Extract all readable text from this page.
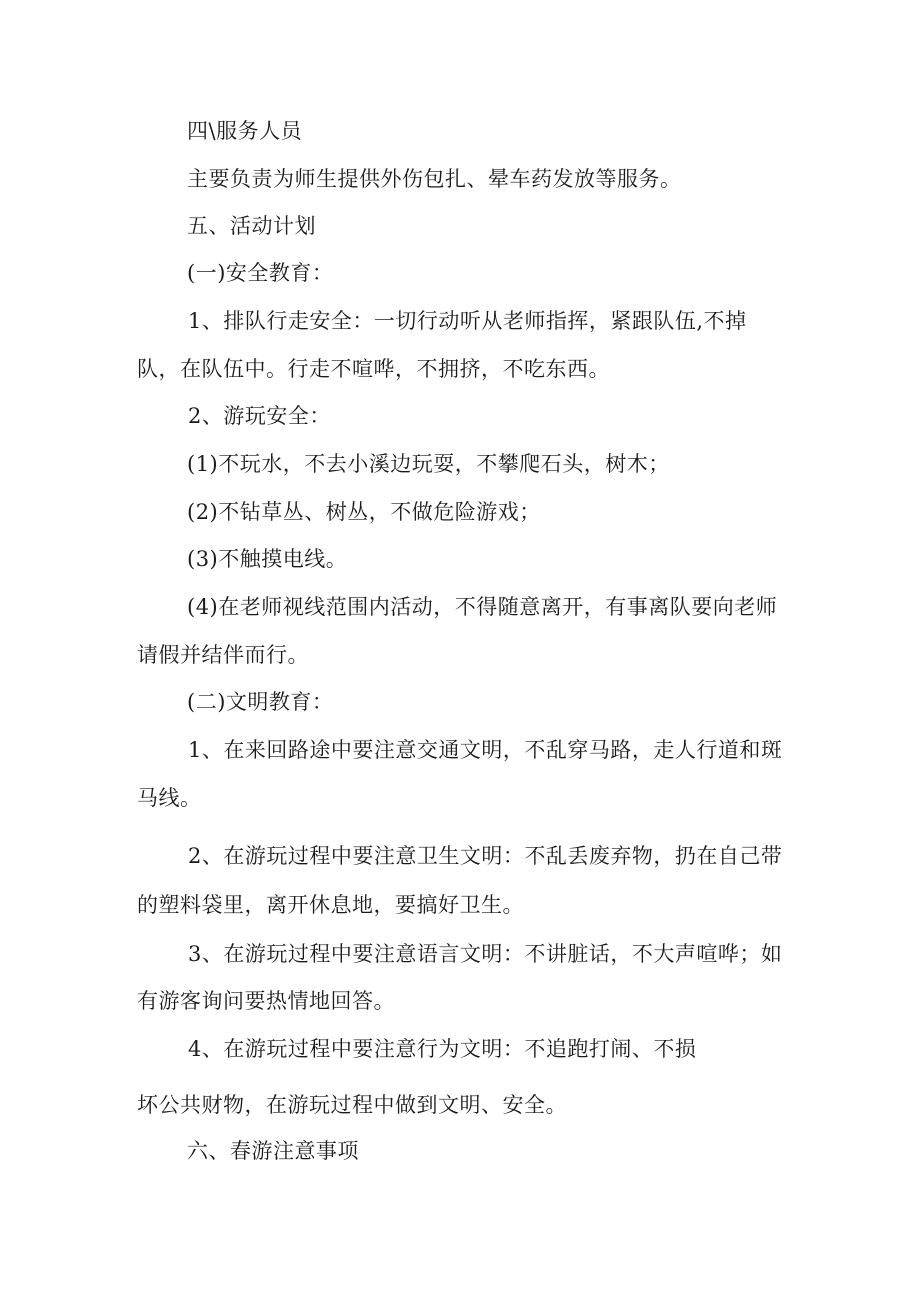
四\服务人员
主要负责为师生提供外伤包扎、晕车药发放等服务。
五、活动计划
(一)安全教育：
1、排队行走安全：一切行动听从老师指挥，紧跟队伍,不掉
队，在队伍中。行走不喧哗，不拥挤，不吃东西。
2、游玩安全：
(1)不玩水，不去小溪边玩耍，不攀爬石头，树木；
(2)不钻草丛、树丛，不做危险游戏；
(3)不触摸电线。
(4)在老师视线范围内活动，不得随意离开，有事离队要向老师
请假并结伴而行。
(二)文明教育：
1、在来回路途中要注意交通文明，不乱穿马路，走人行道和斑
马线。
2、在游玩过程中要注意卫生文明：不乱丢废弃物，扔在自己带
的塑料袋里，离开休息地，要搞好卫生。
3、在游玩过程中要注意语言文明：不讲脏话，不大声喧哗；如
有游客询问要热情地回答。
4、在游玩过程中要注意行为文明：不追跑打闹、不损
坏公共财物，在游玩过程中做到文明、安全。
六、春游注意事项
